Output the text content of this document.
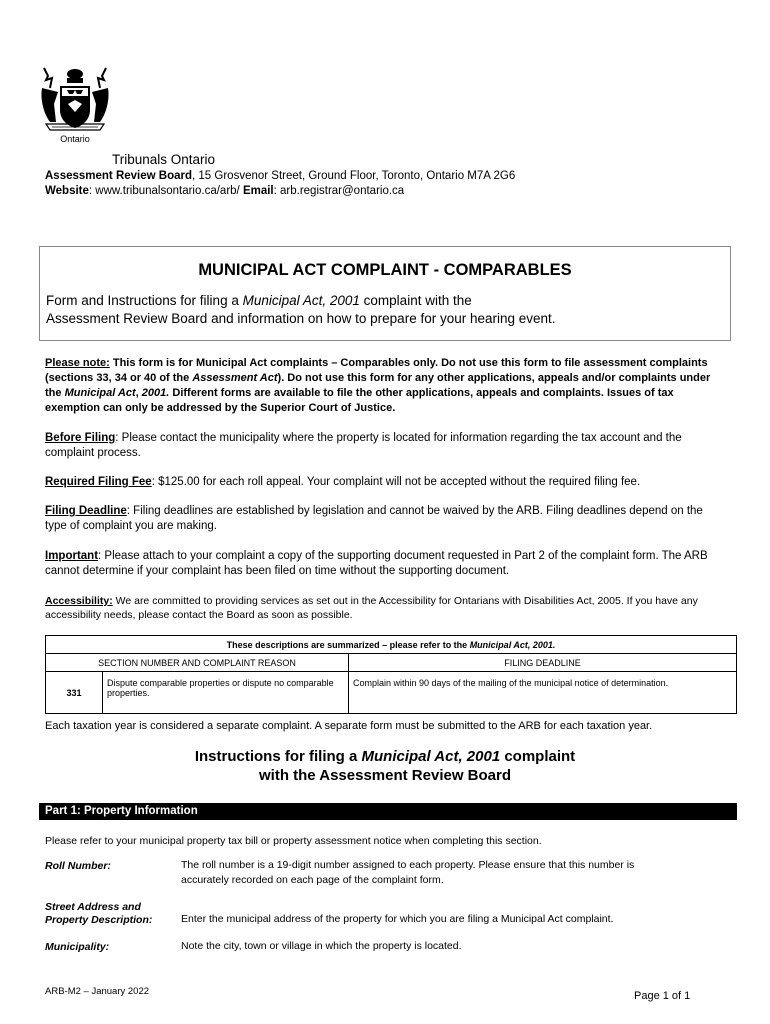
Ontario
Tribunals Ontario
Assessment Review Board, 15 Grosvenor Street, Ground Floor, Toronto, Ontario M7A 2G6
Website: www.tribunalsontario.ca/arb/ Email: arb.registrar@ontario.ca
MUNICIPAL ACT COMPLAINT - COMPARABLES
Form and Instructions for filing a Municipal Act, 2001 complaint with the
Assessment Review Board and information on how to prepare for your hearing event.
Please note: This form is for Municipal Act complaints – Comparables only. Do not use this form to file assessment complaints (sections 33, 34 or 40 of the Assessment Act). Do not use this form for any other applications, appeals and/or complaints under the Municipal Act, 2001. Different forms are available to file the other applications, appeals and complaints. Issues of tax exemption can only be addressed by the Superior Court of Justice.
Before Filing: Please contact the municipality where the property is located for information regarding the tax account and the complaint process.
Required Filing Fee: $125.00 for each roll appeal. Your complaint will not be accepted without the required filing fee.
Filing Deadline: Filing deadlines are established by legislation and cannot be waived by the ARB. Filing deadlines depend on the type of complaint you are making.
Important: Please attach to your complaint a copy of the supporting document requested in Part 2 of the complaint form. The ARB cannot determine if your complaint has been filed on time without the supporting document.
Accessibility: We are committed to providing services as set out in the Accessibility for Ontarians with Disabilities Act, 2005. If you have any accessibility needs, please contact the Board as soon as possible.
These descriptions are summarized – please refer to the Municipal Act, 2001.		
SECTION NUMBER AND COMPLAINT REASON		FILING DEADLINE
331	Dispute comparable properties or dispute no comparable properties.	Complain within 90 days of the mailing of the municipal notice of determination.
Each taxation year is considered a separate complaint. A separate form must be submitted to the ARB for each taxation year.
Instructions for filing a Municipal Act, 2001 complaint
with the Assessment Review Board
Part 1: Property Information
Please refer to your municipal property tax bill or property assessment notice when completing this section.
Roll Number:	The roll number is a 19-digit number assigned to each property. Please ensure that this number is accurately recorded on each page of the complaint form.
Street Address and
Property Description:	Enter the municipal address of the property for which you are filing a Municipal Act complaint.
Municipality:	Note the city, town or village in which the property is located.
ARB-M2 – January 2022	Page 1 of 1
